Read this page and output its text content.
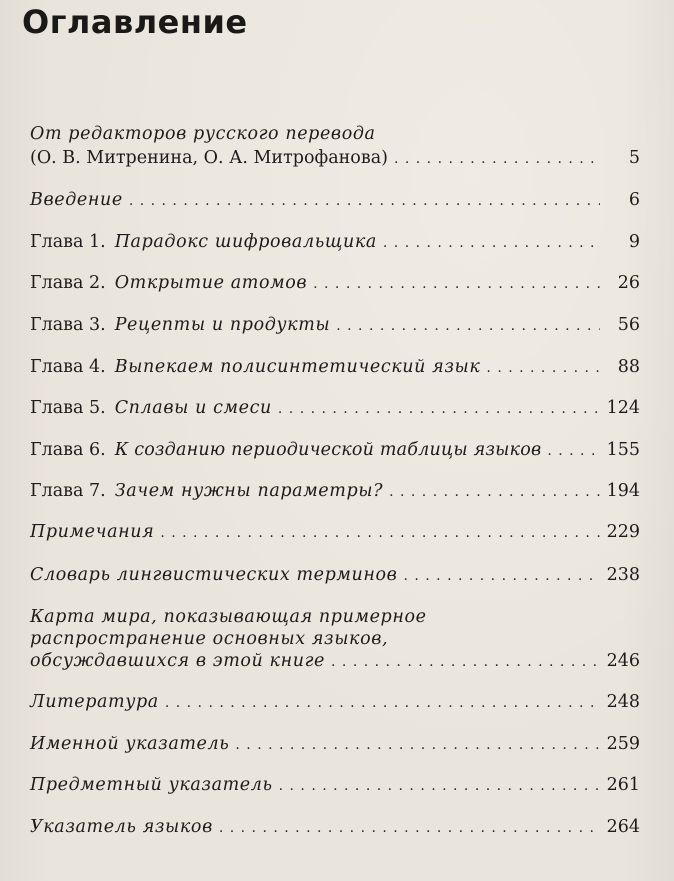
Оглавление
От редакторов русского перевода
(О. В. Митренина, О. А. Митрофанова) . . .	5
Введение . . .	6
Глава 1. Парадокс шифровальщика . . .	9
Глава 2. Открытие атомов . . .	26
Глава 3. Рецепты и продукты . . .	56
Глава 4. Выпекаем полисинтетический язык . . .	88
Глава 5. Сплавы и смеси . . .	124
Глава 6. К созданию периодической таблицы языков . . .	155
Глава 7. Зачем нужны параметры? . . .	194
Примечания . . .	229
Словарь лингвистических терминов . . .	238
Карта мира, показывающая примерное
распространение основных языков,
обсуждавшихся в этой книге . . .	246
Литература . . .	248
Именной указатель . . .	259
Предметный указатель . . .	261
Указатель языков . . .	264
